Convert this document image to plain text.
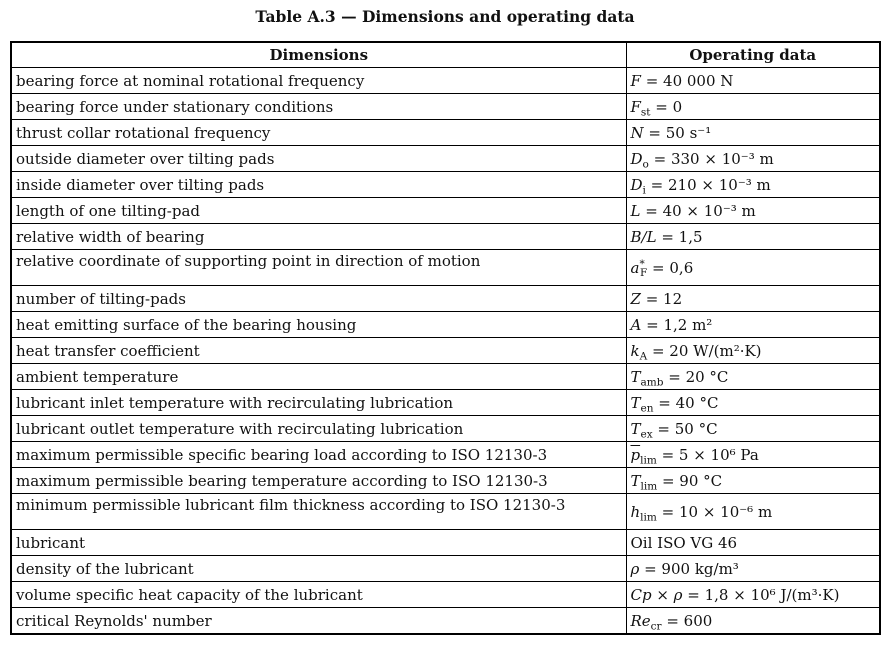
Table A.3 — Dimensions and operating data
Dimensions	Operating data
bearing force at nominal rotational frequency	F = 40 000 N
bearing force under stationary conditions	$F_{st} = 0$
thrust collar rotational frequency	N = 50 s⁻¹
outside diameter over tilting pads	$D_o = 330 \times 10^{-3}$ m
inside diameter over tilting pads	$D_i = 210 \times 10^{-3}$ m
length of one tilting-pad	L = 40 × 10⁻³ m
relative width of bearing	B/L = 1,5
relative coordinate of supporting point in direction of motion	$a^*_F = 0,6$
number of tilting-pads	Z = 12
heat emitting surface of the bearing housing	A = 1,2 m²
heat transfer coefficient	$k_A = 20$ W/(m²·K)
ambient temperature	$T_{amb} = 20$ °C
lubricant inlet temperature with recirculating lubrication	$T_{en} = 40$ °C
lubricant outlet temperature with recirculating lubrication	$T_{ex} = 50$ °C
maximum permissible specific bearing load according to ISO 12130-3	$\overline{p}_{lim} = 5 \times 10^6$ Pa
maximum permissible bearing temperature according to ISO 12130-3	$T_{lim} = 90$ °C
minimum permissible lubricant film thickness according to ISO 12130-3	$h_{lim} = 10 \times 10^{-6}$ m
lubricant	Oil ISO VG 46
density of the lubricant	ρ = 900 kg/m³
volume specific heat capacity of the lubricant	Cp × ρ = 1,8 × 10⁶ J/(m³·K)
critical Reynolds' number	$Re_{cr} = 600$
